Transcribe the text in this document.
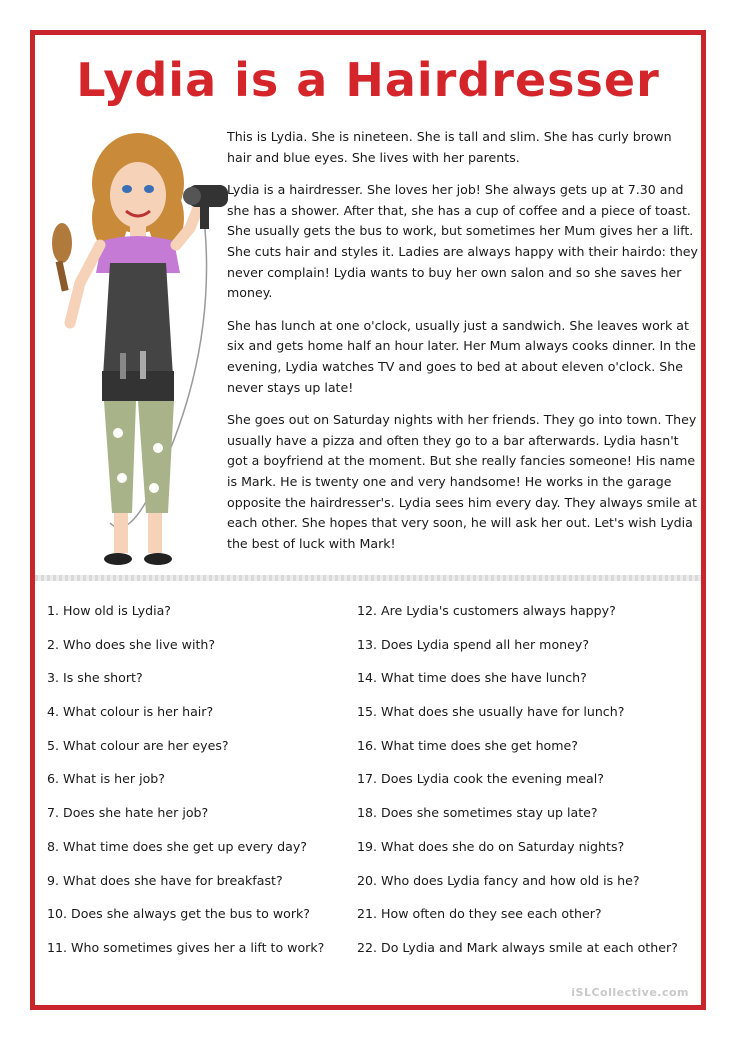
Lydia is a Hairdresser

This is Lydia. She is nineteen. She is tall and slim. She has curly brown hair and blue eyes. She lives with her parents.

Lydia is a hairdresser. She loves her job! She always gets up at 7.30 and she has a shower. After that, she has a cup of coffee and a piece of toast. She usually gets the bus to work, but sometimes her Mum gives her a lift. She cuts hair and styles it. Ladies are always happy with their hairdo: they never complain! Lydia wants to buy her own salon and so she saves her money.

She has lunch at one o'clock, usually just a sandwich. She leaves work at six and gets home half an hour later. Her Mum always cooks dinner. In the evening, Lydia watches TV and goes to bed at about eleven o'clock. She never stays up late!

She goes out on Saturday nights with her friends. They go into town. They usually have a pizza and often they go to a bar afterwards. Lydia hasn't got a boyfriend at the moment. But she really fancies someone! His name is Mark. He is twenty one and very handsome! He works in the garage opposite the hairdresser's. Lydia sees him every day. They always smile at each other. She hopes that very soon, he will ask her out. Let's wish Lydia the best of luck with Mark!

1. How old is Lydia?
2. Who does she live with?
3. Is she short?
4. What colour is her hair?
5. What colour are her eyes?
6. What is her job?
7. Does she hate her job?
8. What time does she get up every day?
9. What does she have for breakfast?
10. Does she always get the bus to work?
11. Who sometimes gives her a lift to work?
12. Are Lydia's customers always happy?
13. Does Lydia spend all her money?
14. What time does she have lunch?
15. What does she usually have for lunch?
16. What time does she get home?
17. Does Lydia cook the evening meal?
18. Does she sometimes stay up late?
19. What does she do on Saturday nights?
20. Who does Lydia fancy and how old is he?
21. How often do they see each other?
22. Do Lydia and Mark always smile at each other?
iSLCollective.com
